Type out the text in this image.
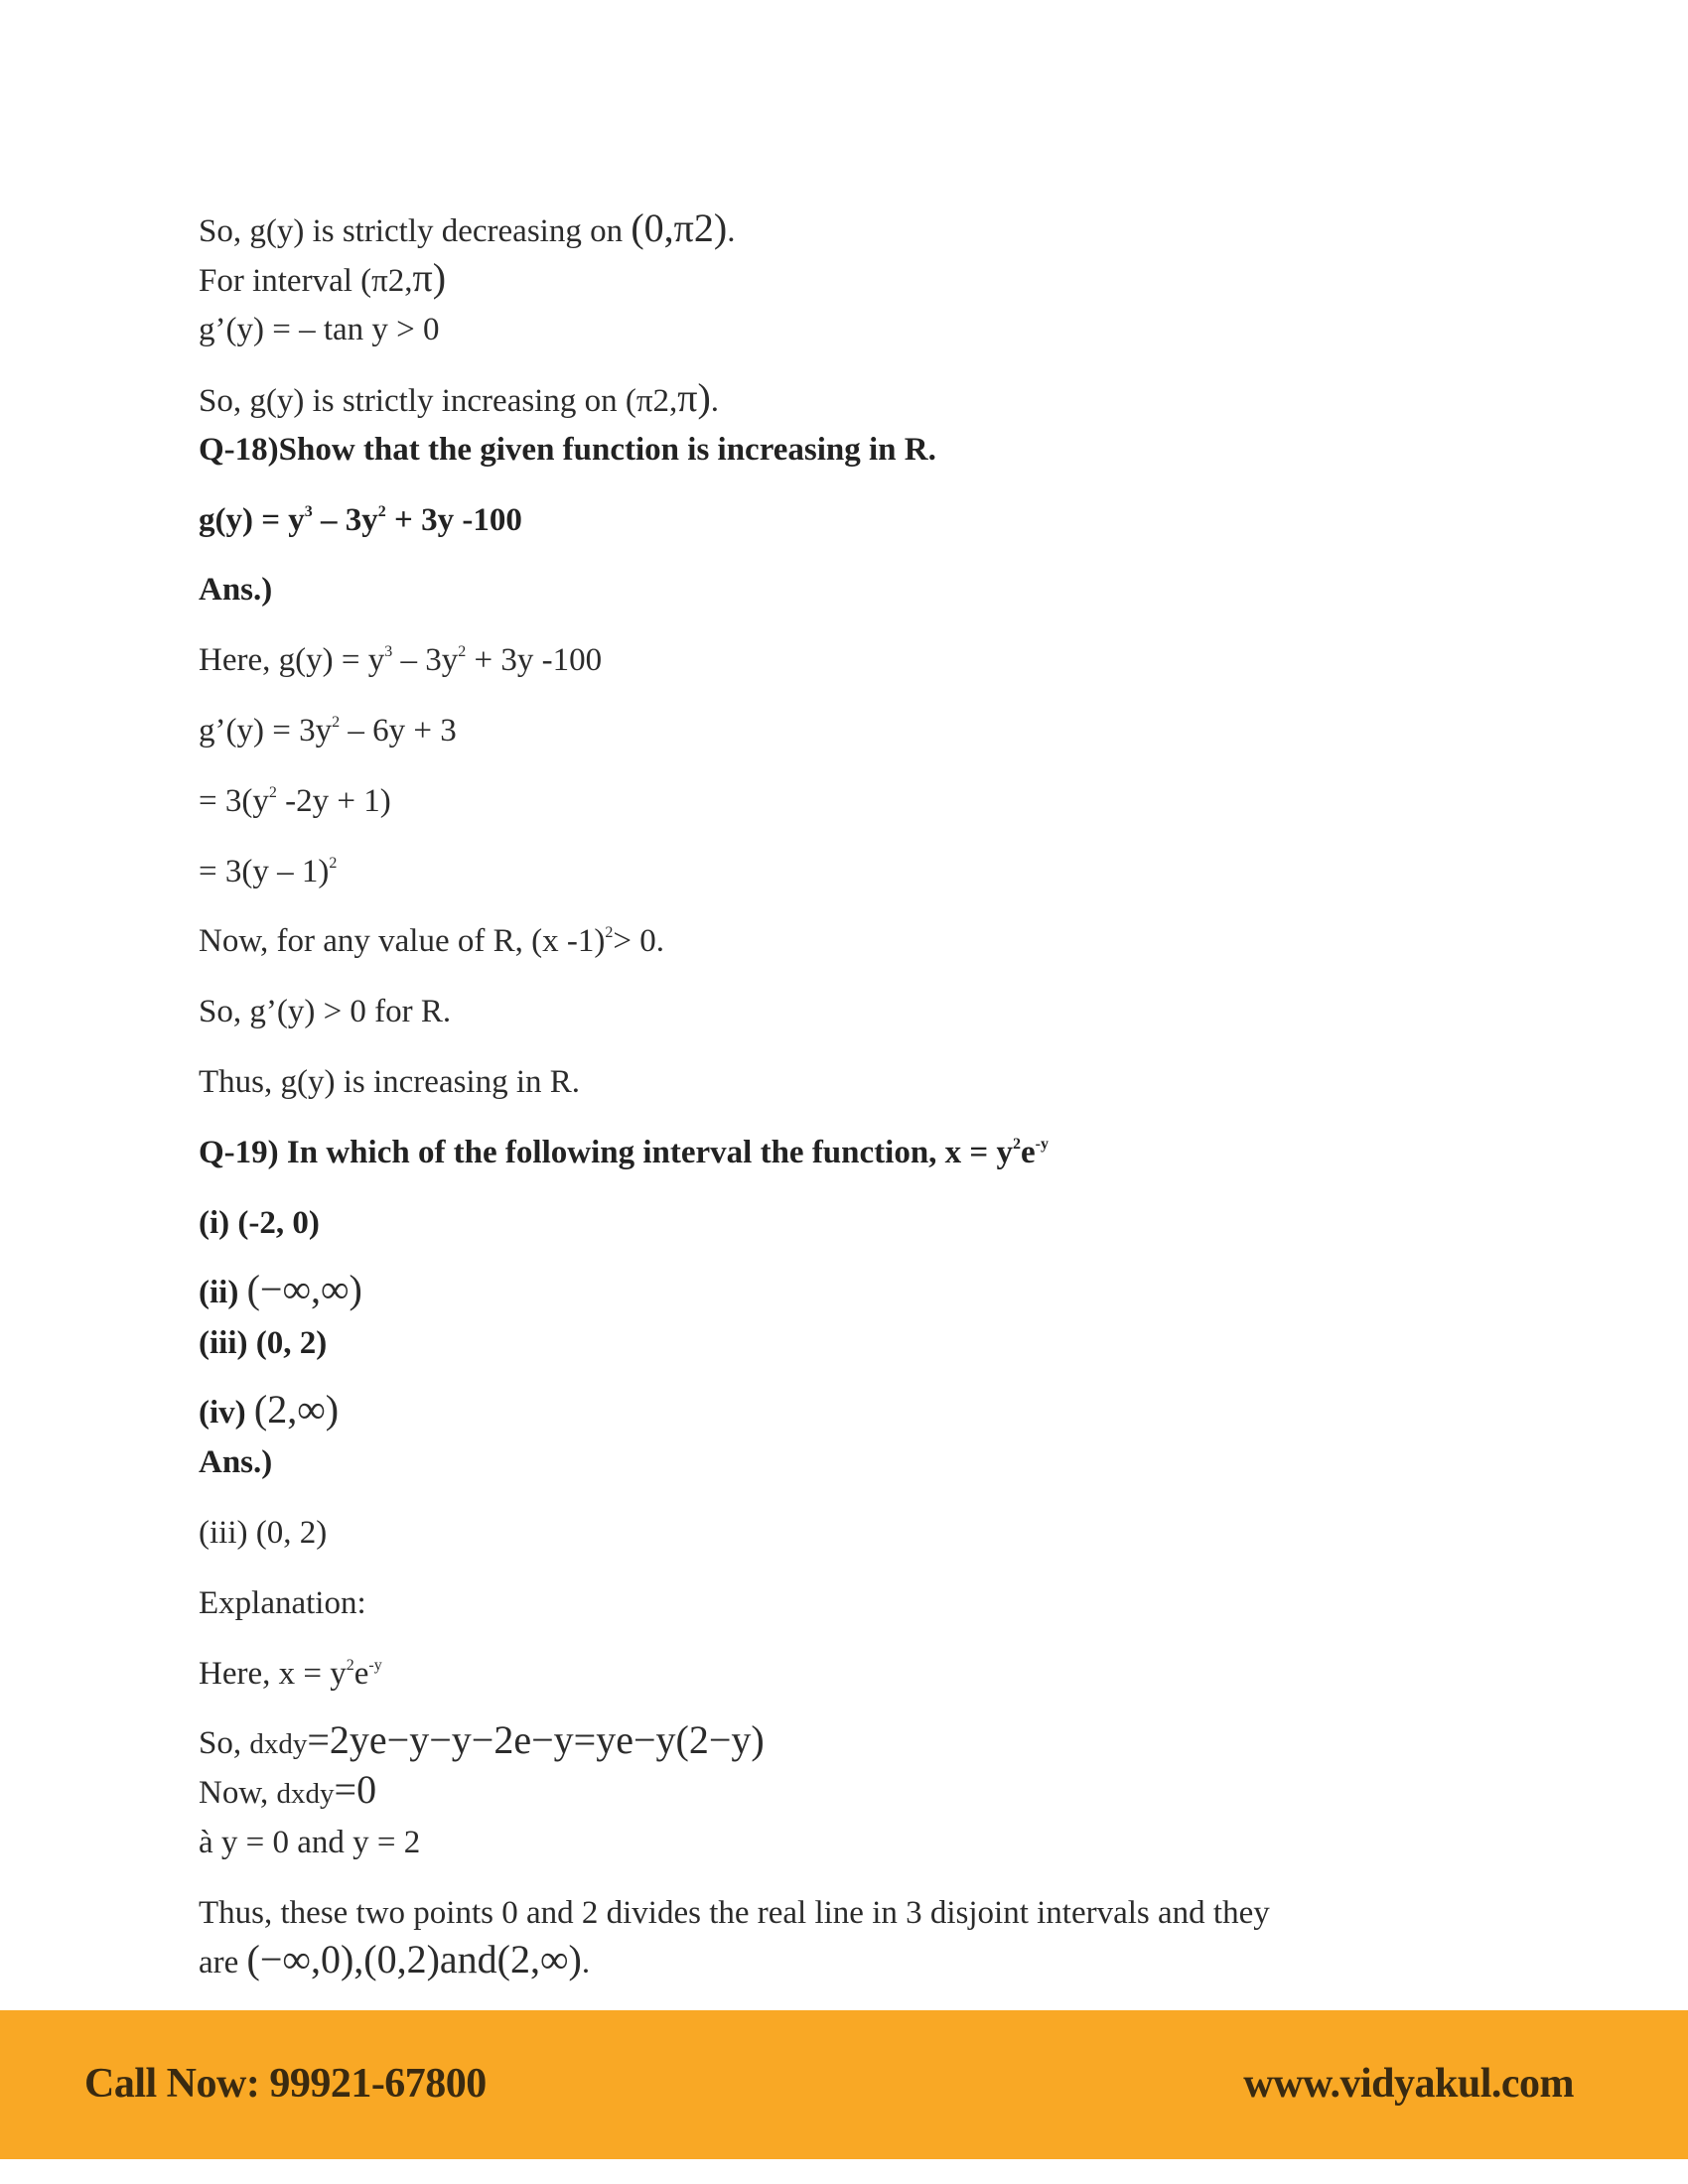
So, g(y) is strictly decreasing on (0,π2).
For interval (π2,π)
g’(y) = – tan y > 0
So, g(y) is strictly increasing on (π2,π).
Q-18)Show that the given function is increasing in R.
$g(y) = y^3 - 3y^2 + 3y$ -100
Ans.)
Here, $g(y) = y^3 - 3y^2 + 3y$ -100
g’(y) = $3y^2 - 6y + 3$
= $3(y^2$ -2y + 1)
= 3(y – 1)$^2$
Now, for any value of R, (x -1)$^2$> 0.
So, g’(y) > 0 for R.
Thus, g(y) is increasing in R.
Q-19) In which of the following interval the function, $x = y^2e^{-y}$
(i) (-2, 0)
(ii) (−∞,∞)
(iii) (0, 2)
(iv) (2,∞)
Ans.)
(iii) (0, 2)
Explanation:
Here, $x = y^2e^{-y}$
So, dxdy=2ye−y−y−2e−y=ye−y(2−y)
Now, dxdy=0
à y = 0 and y = 2
Thus, these two points 0 and 2 divides the real line in 3 disjoint intervals and they
are (−∞,0),(0,2)and(2,∞).
Call Now: 99921-67800	www.vidyakul.com
